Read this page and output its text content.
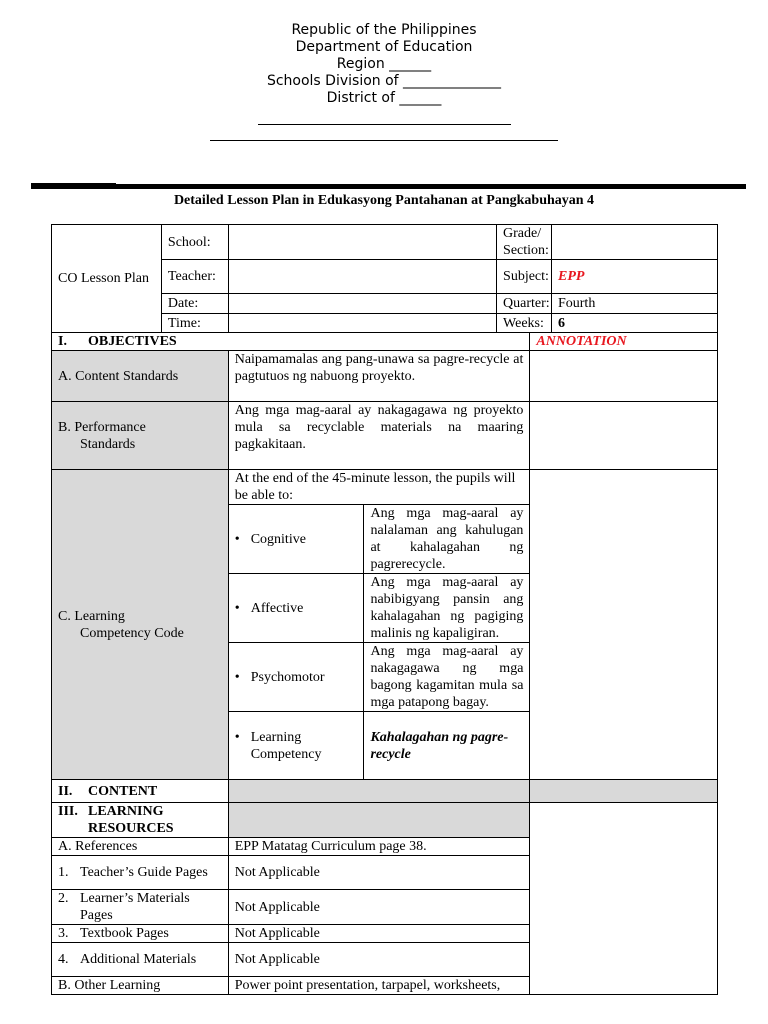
Republic of the Philippines
Department of Education
Region ______
Schools Division of ______________
District of ______
Detailed Lesson Plan in Edukasyong Pantahanan at Pangkabuhayan 4
CO Lesson Plan	School:			Grade/ Section:		
	Teacher:			Subject:		EPP
	Date:			Quarter:		Fourth
	Time:			Weeks:		6
I. OBJECTIVES					ANNOTATION	
A. Content Standards		Naipamamalas ang pang-unawa sa pagre-recycle at pagtutuos ng nabuong proyekto.				
B. Performance
Standards		Ang mga mag-aaral ay nakagagawa ng proyekto mula sa recyclable materials na maaring pagkakitaan.				
C. Learning
Competency Code		At the end of the 45-minute lesson, the pupils will be able to:				

		• Cognitive	Ang mga mag-aaral ay nalalaman ang kahulugan at kahalagahan ng pagrerecycle.			

		• Affective	Ang mga mag-aaral ay nabibigyang pansin ang kahalagahan ng pagiging malinis ng kapaligiran.			

		• Psychomotor	Ang mga mag-aaral ay nakagagawa ng mga bagong kagamitan mula sa mga patapong bagay.			

		• Learning Competency	Kahalagahan ng pagre-recycle			
II. CONTENT						
III. LEARNING
RESOURCES						
A. References		EPP Matatag Curriculum page 38.				
1. Teacher’s Guide Pages		Not Applicable				
2. Learner’s Materials Pages		Not Applicable				
3. Textbook Pages		Not Applicable				
4. Additional Materials		Not Applicable				
B. Other Learning		Power point presentation, tarpapel, worksheets,				
